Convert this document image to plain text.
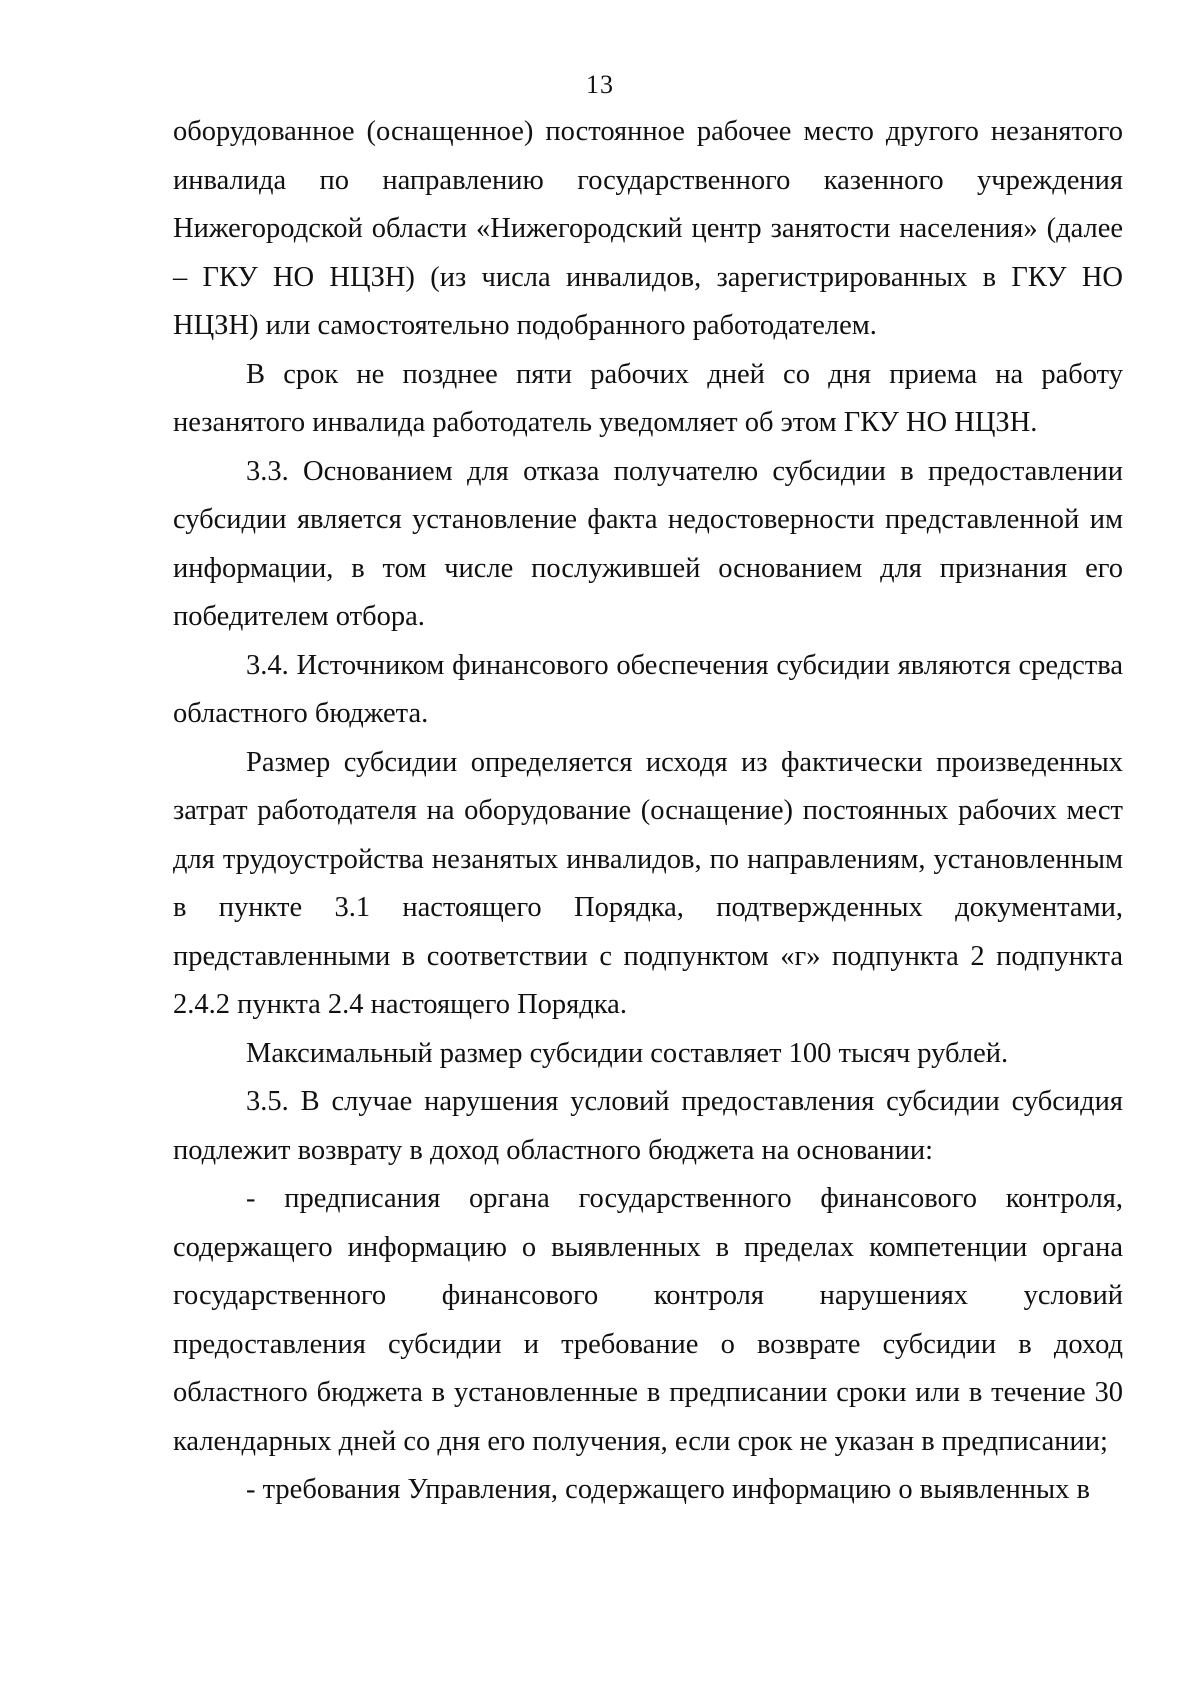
13

оборудованное (оснащенное) постоянное рабочее место другого незанятого инвалида по направлению государственного казенного учреждения Нижегородской области «Нижегородский центр занятости населения» (далее – ГКУ НО НЦЗН) (из числа инвалидов, зарегистрированных в ГКУ НО НЦЗН) или самостоятельно подобранного работодателем.

В срок не позднее пяти рабочих дней со дня приема на работу незанятого инвалида работодатель уведомляет об этом ГКУ НО НЦЗН.

3.3. Основанием для отказа получателю субсидии в предоставлении субсидии является установление факта недостоверности представленной им информации, в том числе послужившей основанием для признания его победителем отбора.

3.4. Источником финансового обеспечения субсидии являются средства областного бюджета.

Размер субсидии определяется исходя из фактически произведенных затрат работодателя на оборудование (оснащение) постоянных рабочих мест для трудоустройства незанятых инвалидов, по направлениям, установленным в пункте 3.1 настоящего Порядка, подтвержденных документами, представленными в соответствии с подпунктом «г» подпункта 2 подпункта 2.4.2 пункта 2.4 настоящего Порядка.

Максимальный размер субсидии составляет 100 тысяч рублей.

3.5. В случае нарушения условий предоставления субсидии субсидия подлежит возврату в доход областного бюджета на основании:

- предписания органа государственного финансового контроля, содержащего информацию о выявленных в пределах компетенции органа государственного финансового контроля нарушениях условий предоставления субсидии и требование о возврате субсидии в доход областного бюджета в установленные в предписании сроки или в течение 30 календарных дней со дня его получения, если срок не указан в предписании;

- требования Управления, содержащего информацию о выявленных в
